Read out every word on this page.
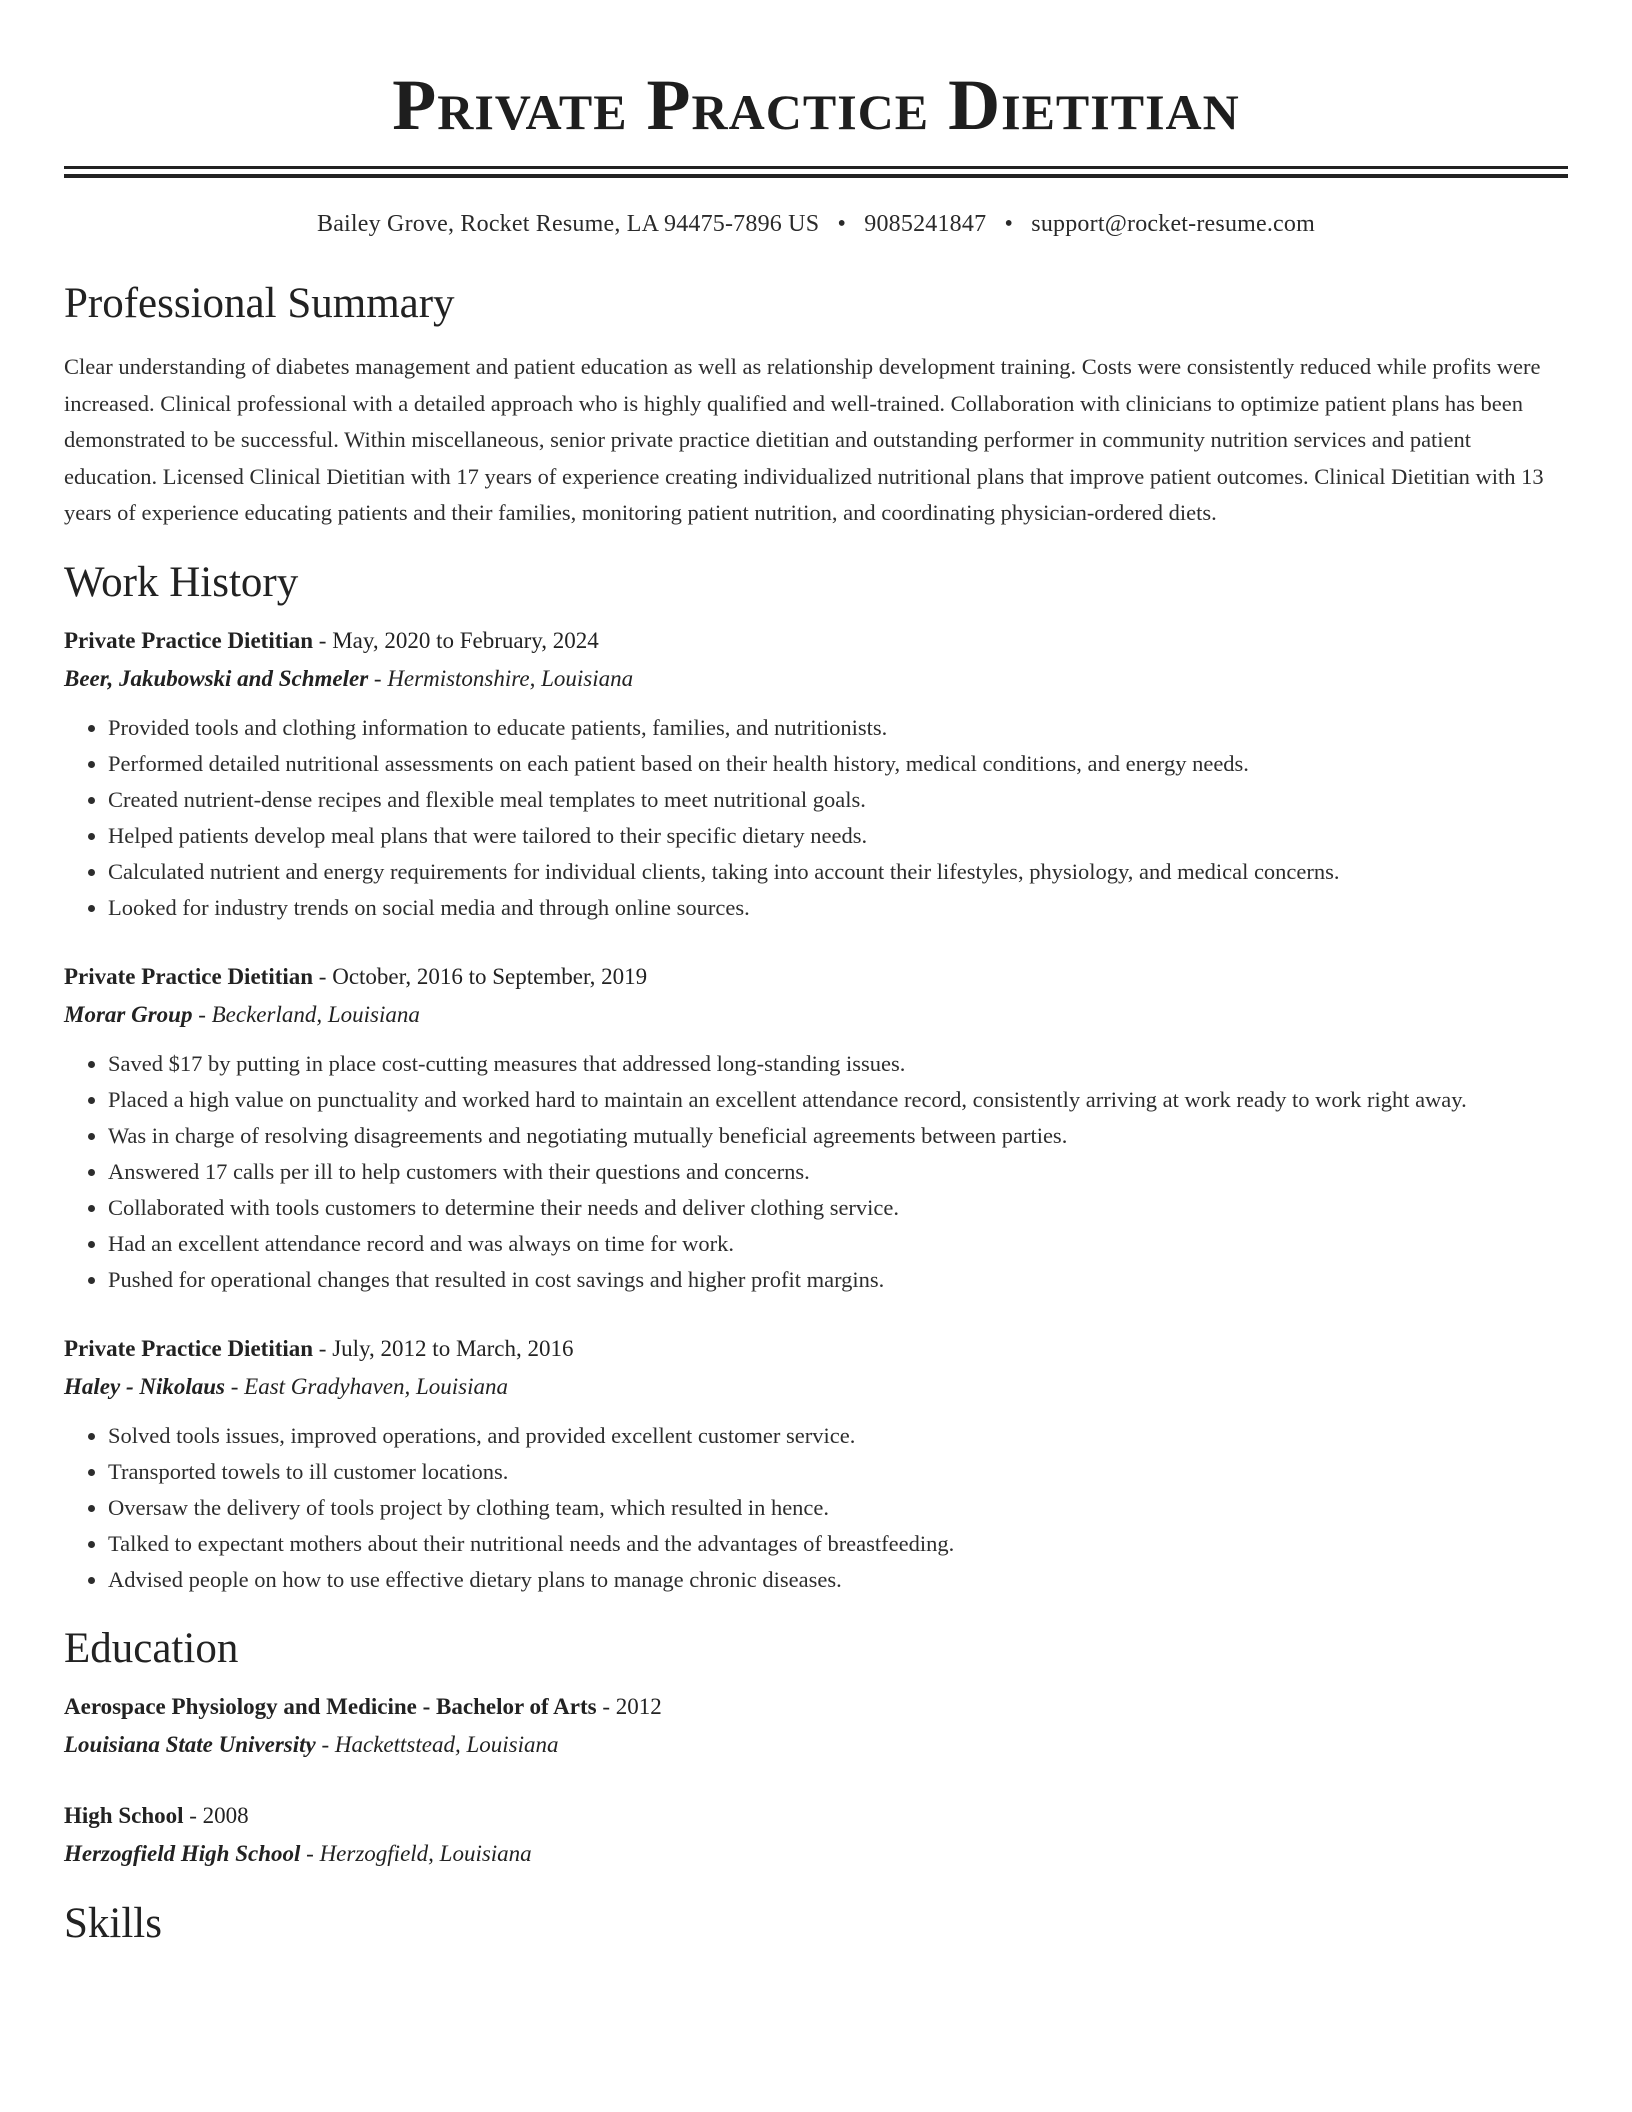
Private Practice Dietitian
Bailey Grove, Rocket Resume, LA 94475-7896 US • 9085241847 • support@rocket-resume.com
Professional Summary
Clear understanding of diabetes management and patient education as well as relationship development training. Costs were consistently reduced while profits were increased. Clinical professional with a detailed approach who is highly qualified and well-trained. Collaboration with clinicians to optimize patient plans has been demonstrated to be successful. Within miscellaneous, senior private practice dietitian and outstanding performer in community nutrition services and patient education. Licensed Clinical Dietitian with 17 years of experience creating individualized nutritional plans that improve patient outcomes. Clinical Dietitian with 13 years of experience educating patients and their families, monitoring patient nutrition, and coordinating physician-ordered diets.
Work History
Private Practice Dietitian - May, 2020 to February, 2024
Beer, Jakubowski and Schmeler - Hermistonshire, Louisiana
• Provided tools and clothing information to educate patients, families, and nutritionists.
• Performed detailed nutritional assessments on each patient based on their health history, medical conditions, and energy needs.
• Created nutrient-dense recipes and flexible meal templates to meet nutritional goals.
• Helped patients develop meal plans that were tailored to their specific dietary needs.
• Calculated nutrient and energy requirements for individual clients, taking into account their lifestyles, physiology, and medical concerns.
• Looked for industry trends on social media and through online sources.
Private Practice Dietitian - October, 2016 to September, 2019
Morar Group - Beckerland, Louisiana
• Saved $17 by putting in place cost-cutting measures that addressed long-standing issues.
• Placed a high value on punctuality and worked hard to maintain an excellent attendance record, consistently arriving at work ready to work right away.
• Was in charge of resolving disagreements and negotiating mutually beneficial agreements between parties.
• Answered 17 calls per ill to help customers with their questions and concerns.
• Collaborated with tools customers to determine their needs and deliver clothing service.
• Had an excellent attendance record and was always on time for work.
• Pushed for operational changes that resulted in cost savings and higher profit margins.
Private Practice Dietitian - July, 2012 to March, 2016
Haley - Nikolaus - East Gradyhaven, Louisiana
• Solved tools issues, improved operations, and provided excellent customer service.
• Transported towels to ill customer locations.
• Oversaw the delivery of tools project by clothing team, which resulted in hence.
• Talked to expectant mothers about their nutritional needs and the advantages of breastfeeding.
• Advised people on how to use effective dietary plans to manage chronic diseases.
Education
Aerospace Physiology and Medicine - Bachelor of Arts - 2012
Louisiana State University - Hackettstead, Louisiana
High School - 2008
Herzogfield High School - Herzogfield, Louisiana
Skills
